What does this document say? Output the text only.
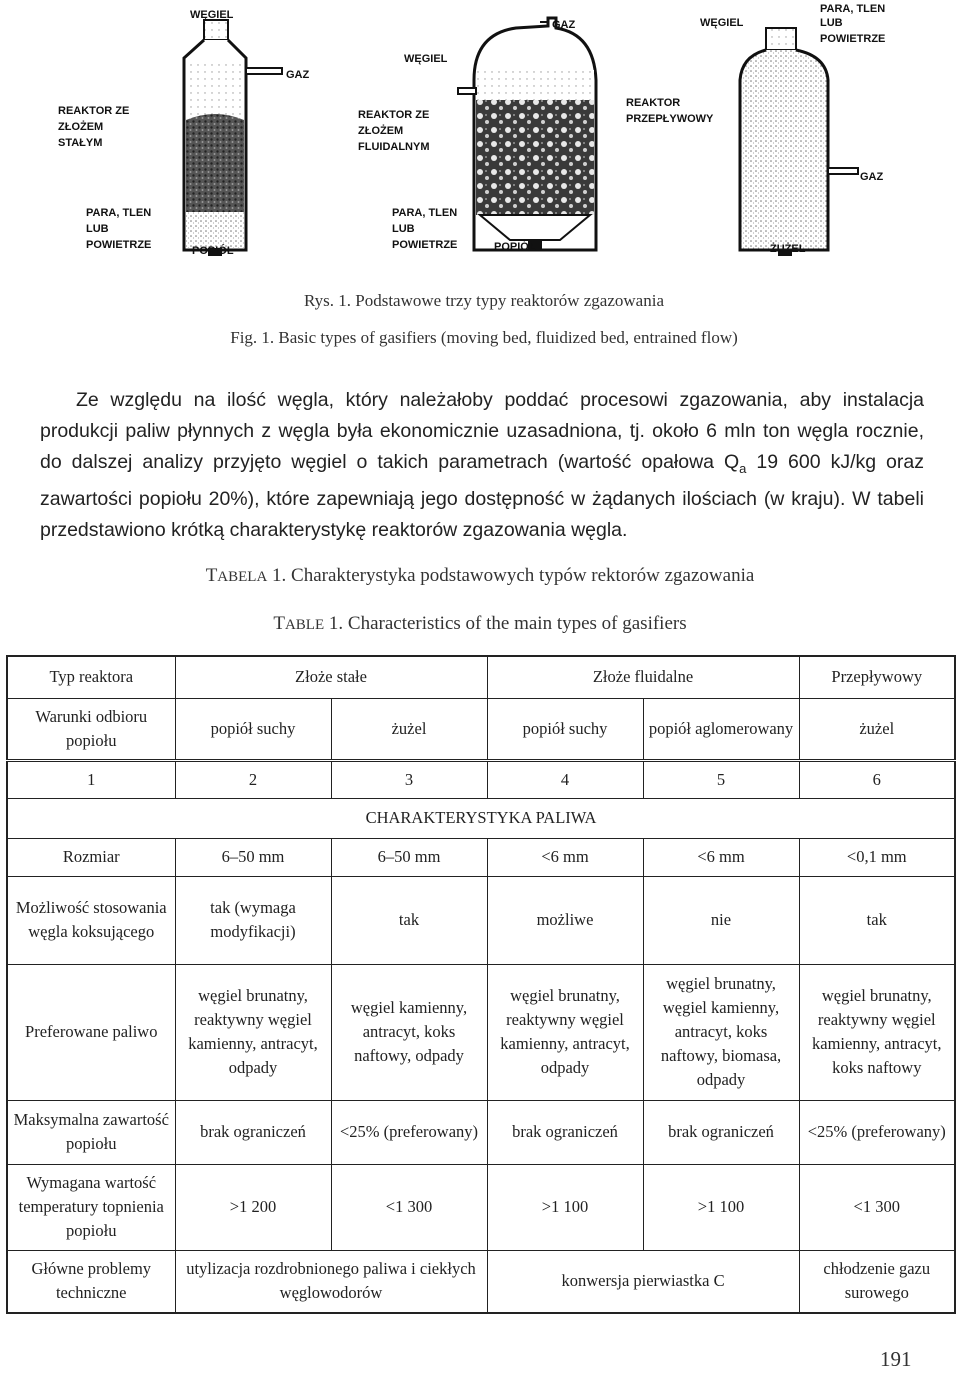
WĘGIEL
GAZ
REAKTOR ZE
ZŁOŻEM
STAŁYM
PARA, TLEN
LUB
POWIETRZE	POPIÓŁ
GAZ
WĘGIEL
REAKTOR ZE
ZŁOŻEM
FLUIDALNYM
PARA, TLEN
LUB
POWIETRZE	POPIÓŁ
WĘGIEL
PARA, TLEN
LUB
POWIETRZE
REAKTOR
PRZEPŁYWOWY
GAZ
ŻUŻEL
Rys. 1. Podstawowe trzy typy reaktorów zgazowania
Fig. 1. Basic types of gasifiers (moving bed, fluidized bed, entrained flow)

Ze względu na ilość węgla, który należałoby poddać procesowi zgazowania, aby instalacja produkcji paliw płynnych z węgla była ekonomicznie uzasadniona, tj. około 6 mln ton węgla rocznie, do dalszej analizy przyjęto węgiel o takich parametrach (wartość opałowa $Q_a$ 19 600 kJ/kg oraz zawartości popiołu 20%), które zapewniają jego dostępność w żądanych ilościach (w kraju). W tabeli przedstawiono krótką charakterystykę reaktorów zgazowania węgla.

TABELA 1. Charakterystyka podstawowych typów rektorów zgazowania
TABLE 1. Characteristics of the main types of gasifiers
Typ reaktora	Złoże stałe		Złoże fluidalne		Przepływowy
Warunki odbioru popiołu	popiół suchy	żużel	popiół suchy	popiół aglomerowany	żużel
1	2	3	4	5	6
CHARAKTERYSTYKA PALIWA					
Rozmiar	6–50 mm	6–50 mm	<6 mm	<6 mm	<0,1 mm
Możliwość stosowania węgla koksującego	tak (wymaga modyfikacji)	tak	możliwe	nie	tak
Preferowane paliwo	węgiel brunatny, reaktywny węgiel kamienny, antracyt, odpady	węgiel kamienny, antracyt, koks naftowy, odpady	węgiel brunatny, reaktywny węgiel kamienny, antracyt, odpady	węgiel brunatny, węgiel kamienny, antracyt, koks naftowy, biomasa, odpady	węgiel brunatny, reaktywny węgiel kamienny, antracyt, koks naftowy
Maksymalna zawartość popiołu	brak ograniczeń	<25% (preferowany)	brak ograniczeń	brak ograniczeń	<25% (preferowany)
Wymagana wartość temperatury topnienia popiołu	>1 200	<1 300	>1 100	>1 100	<1 300
Główne problemy techniczne	utylizacja rozdrobnionego paliwa i ciekłych węglowodorów		konwersja pierwiastka C		chłodzenie gazu surowego
191
